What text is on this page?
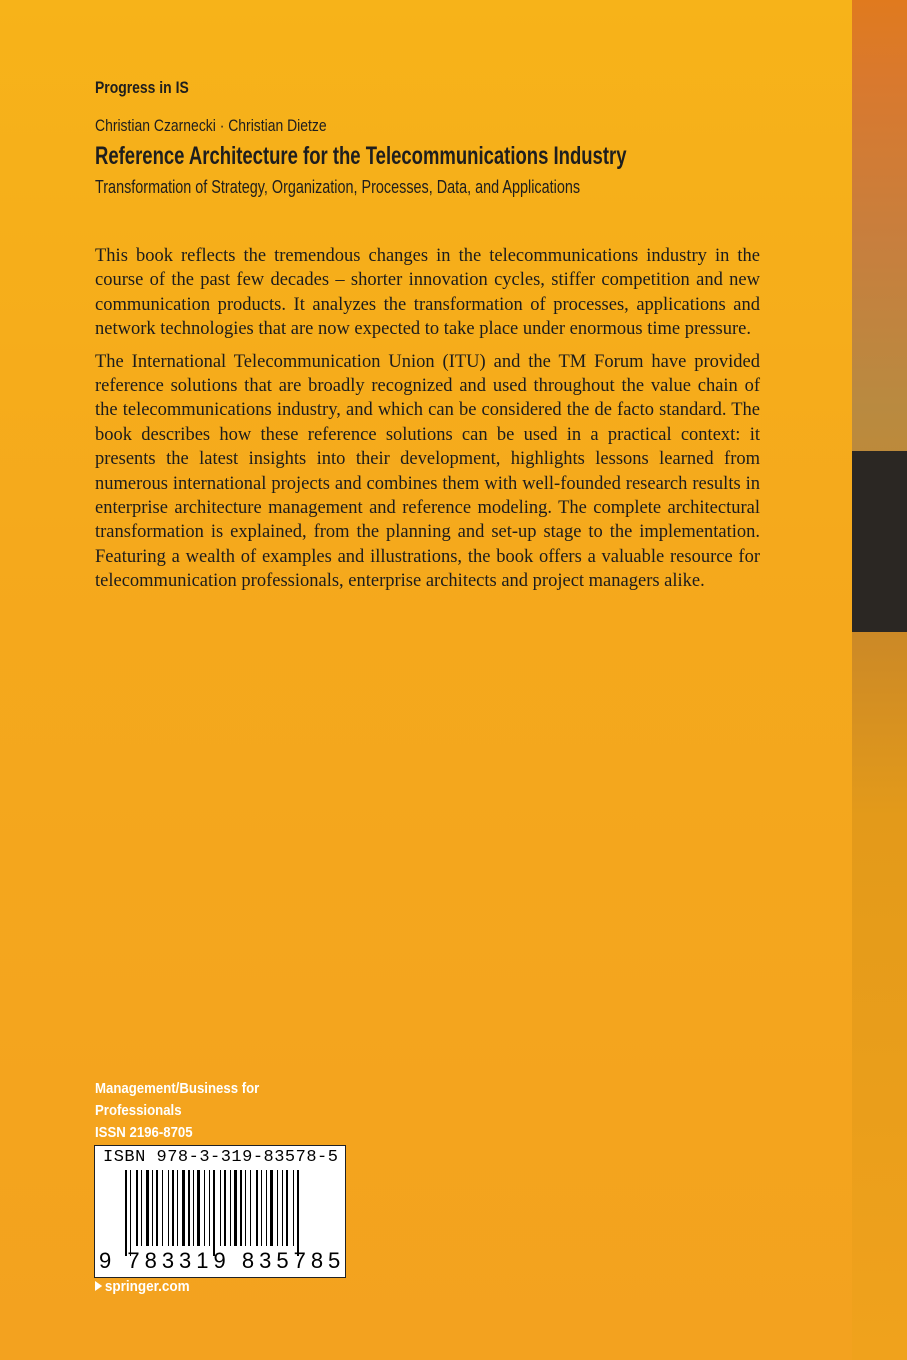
Progress in IS
Christian Czarnecki · Christian Dietze
Reference Architecture for the Telecommunications Industry
Transformation of Strategy, Organization, Processes, Data, and Applications

This book reflects the tremendous changes in the telecommunications industry in the course of the past few decades – shorter innovation cycles, stiffer competition and new communication products. It analyzes the transformation of processes, applications and network technologies that are now expected to take place under enormous time pressure.

The International Telecommunication Union (ITU) and the TM Forum have provided reference solutions that are broadly recognized and used throughout the value chain of the telecommunications industry, and which can be considered the de facto standard. The book describes how these reference solutions can be used in a practical context: it presents the latest insights into their development, highlights lessons learned from numerous international projects and combines them with well-founded research results in enterprise architecture management and reference modeling. The complete architectural transformation is explained, from the planning and set-up stage to the implementation. Featuring a wealth of examples and illustrations, the book offers a valuable resource for telecommunication professionals, enterprise architects and project managers alike.

Management/Business for
Professionals
ISSN 2196-8705
ISBN 978-3-319-83578-5
9 783319 835785
springer.com
